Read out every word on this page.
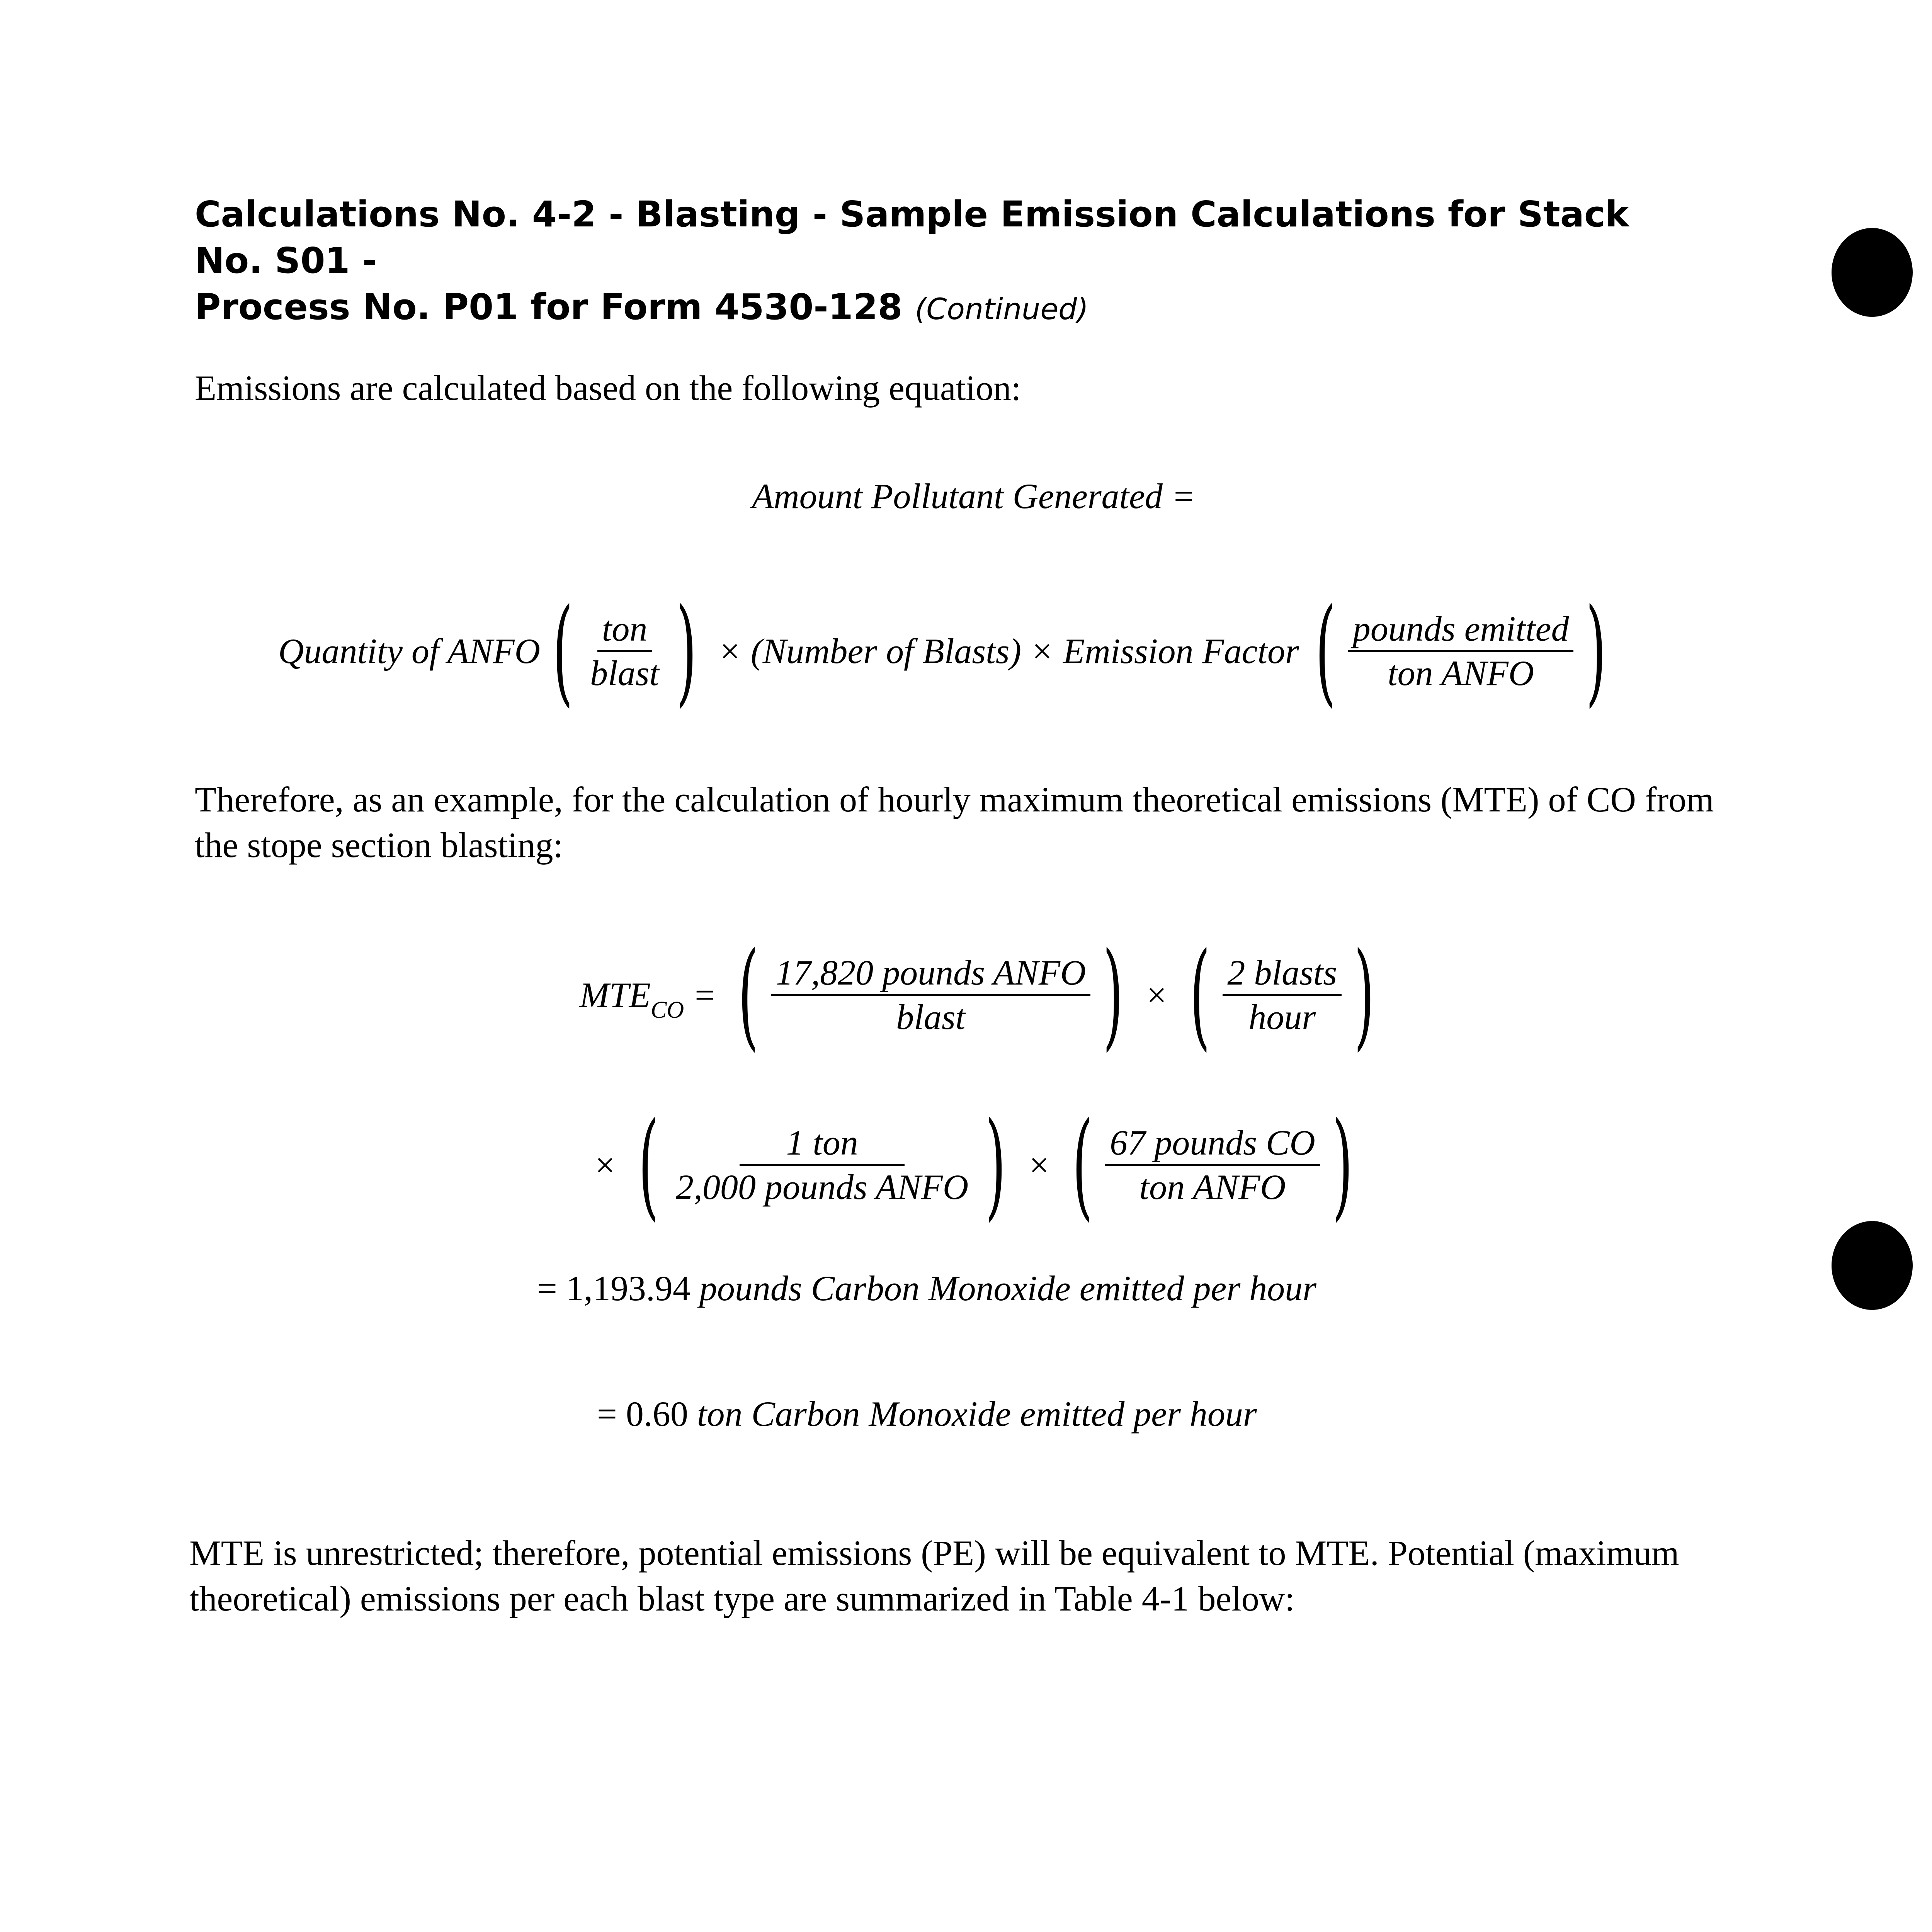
Calculations No. 4-2 - Blasting - Sample Emission Calculations for Stack No. S01 -
Process No. P01 for Form 4530-128 (Continued)
Emissions are calculated based on the following equation:
Amount Pollutant Generated =
Quantity of ANFO ( $\frac{\text{ton}}{\text{blast}}$ ) × (Number of Blasts) × Emission Factor ( $\frac{\text{pounds emitted}}{\text{ton ANFO}}$ )
Therefore, as an example, for the calculation of hourly maximum theoretical emissions (MTE) of CO from the stope section blasting:
$MTE_{CO}$ = ( $\frac{\text{17,820 pounds ANFO}}{\text{blast}}$ ) × ( $\frac{\text{2 blasts}}{\text{hour}}$ )
× ( $\frac{\text{1 ton}}{\text{2,000 pounds ANFO}}$ ) × ( $\frac{\text{67 pounds CO}}{\text{ton ANFO}}$ )
= 1,193.94 pounds Carbon Monoxide emitted per hour
= 0.60 ton Carbon Monoxide emitted per hour
MTE is unrestricted; therefore, potential emissions (PE) will be equivalent to MTE. Potential (maximum theoretical) emissions per each blast type are summarized in Table 4-1 below:
